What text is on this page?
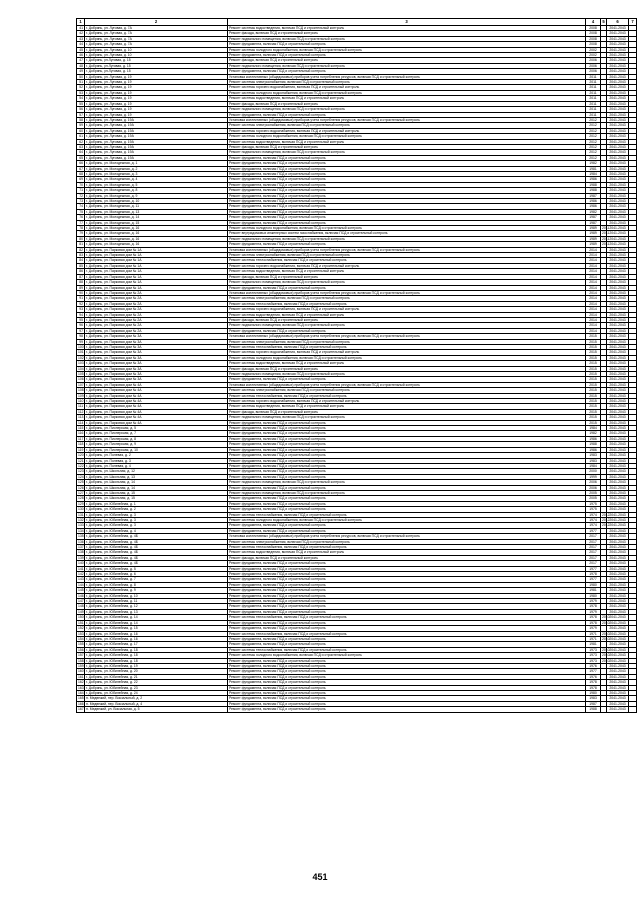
1	2	3	4	5	6	7
41	г. Добрянь, ул. Луговая, д. 7А	Ремонт системы водоотведения, включая ПСД и строительный контроль	2008		2041-2043	
42	г. Добрянь, ул. Луговая, д. 7А	Ремонт фасада, включая ПСД и строительный контроль	2008		2041-2043	
43	г. Добрянь, ул. Луговая, д. 7А	Ремонт подвального помещения, включая ПСД и строительный контроль	2008		2041-2043	
44	г. Добрянь, ул. Луговая, д. 7А	Ремонт фундамента, включая ПСД и строительный контроль	2008		2041-2043	
45	г. Добрянь, ул. Луговая, д. 10	Ремонт системы холодного водоснабжения, включая ПСД и строительный контроль	2002		2041-2043	
46	г. Добрянь, ул. Луговая, д. 10	Ремонт фундамента, включая ПСД и строительный контроль	2002		2041-2043	
47	г. Добрянь, ул.Луговая, д. 15	Ремонт фасада, включая ПСД и строительный контроль	2006		2041-2043	
48	г. Добрянь, ул.Луговая, д. 15	Ремонт подвального помещения, включая ПСД и строительный контроль	2006		2041-2043	
49	г. Добрянь, ул.Луговая, д. 15	Ремонт фундамента, включая ПСД и строительный контроль	2006		2041-2043	
50	г. Добрянь, ул. Луговая, д. 19	Установка коллективных (общедомовых) приборов учета потребления ресурсов, включая ПСД и строительный контроль	2011		2041-2043	
51	г. Добрянь, ул. Луговая, д. 19	Ремонт системы электроснабжения, включая ПСД и строительный контроль	2011		2041-2043	
52	г. Добрянь, ул. Луговая, д. 19	Ремонт системы горячего водоснабжения, включая ПСД и строительный контроль	2011		2041-2043	
53	г. Добрянь, ул. Луговая, д. 19	Ремонт системы холодного водоснабжения, включая ПСД и строительный контроль	2011		2041-2043	
54	г. Добрянь, ул. Луговая, д. 19	Ремонт системы водоотведения, включая ПСД и строительный контроль	2011		2041-2043	
55	г. Добрянь, ул. Луговая, д. 19	Ремонт фасада, включая ПСД и строительный контроль	2011		2041-2043	
56	г. Добрянь, ул. Луговая, д. 19	Ремонт подвального помещения, включая ПСД и строительный контроль	2011		2041-2043	
57	г. Добрянь, ул. Луговая, д. 19	Ремонт фундамента, включая ПСД и строительный контроль	2011		2041-2043	
58	г. Добрянь, ул. Луговая, д. 19А	Установка коллективных (общедомовых) приборов учета потребления ресурсов, включая ПСД и строительный контроль	2012		2041-2043	
59	г. Добрянь, ул. Луговая, д. 19А	Ремонт системы электроснабжения, включая ПСД и строительный контроль	2012		2041-2043	
60	г. Добрянь, ул. Луговая, д. 19А	Ремонт системы горячего водоснабжения, включая ПСД и строительный контроль	2012		2041-2043	
61	г. Добрянь, ул. Луговая, д. 19А	Ремонт системы холодного водоснабжения, включая ПСД и строительный контроль	2012		2041-2043	
62	г. Добрянь, ул. Луговая, д. 19А	Ремонт системы водоотведения, включая ПСД и строительный контроль	2012		2041-2043	
63	г. Добрянь, ул. Луговая, д. 19А	Ремонт фасада, включая ПСД и строительный контроль	2012		2041-2043	
64	г. Добрянь, ул. Луговая, д. 19А	Ремонт подвального помещения, включая ПСД и строительный контроль	2012		2041-2043	
65	г. Добрянь, ул. Луговая, д. 19А	Ремонт фундамента, включая ПСД и строительный контроль	2012		2041-2043	
66	г. Добрянь, ул. Молодежная, д. 1	Ремонт фундамента, включая ПСД и строительный контроль	1982		2041-2043	
67	г. Добрянь, ул. Молодежная, д. 2	Ремонт фундамента, включая ПСД и строительный контроль	1981		2041-2043	
68	г. Добрянь, ул. Молодежная, д. 3	Ремонт фундамента, включая ПСД и строительный контроль	1984		2041-2043	
69	г. Добрянь, ул. Молодежная, д. 4	Ремонт фундамента, включая ПСД и строительный контроль	1986		2041-2043	
70	г. Добрянь, ул. Молодежная, д. 5	Ремонт фундамента, включая ПСД и строительный контроль	1988		2041-2043	
71	г. Добрянь, ул. Молодежная, д. 8	Ремонт фундамента, включая ПСД и строительный контроль	1988		2041-2043	
72	г. Добрянь, ул. Молодежная, д. 9	Ремонт фундамента, включая ПСД и строительный контроль	1987		2041-2043	
73	г. Добрянь, ул. Молодежная, д. 10	Ремонт фундамента, включая ПСД и строительный контроль	1986		2041-2043	
74	г. Добрянь, ул. Молодежная, д. 11	Ремонт фундамента, включая ПСД и строительный контроль	1986		2041-2043	
75	г. Добрянь, ул. Молодежная, д. 13	Ремонт фундамента, включая ПСД и строительный контроль	1982		2041-2043	
76	г. Добрянь, ул. Молодежная, д. 14	Ремонт фундамента, включая ПСД и строительный контроль	1987		2041-2043	
77	г. Добрянь, ул. Молодежная, д. 15	Ремонт фундамента, включая ПСД и строительный контроль	1987		2041-2043	
78	г. Добрянь, ул. Молодежная, д. 16	Ремонт системы холодного водоснабжения, включая ПСД и строительный контроль	1989	2011	2041-2043	
79	г. Добрянь, ул. Молодежная, д. 16	Ремонт внутридомовых инженерных систем газоснабжения, включая ПСД и строительный контроль	1989	2011	2041-2043	
80	г. Добрянь, ул. Молодежная, д. 16	Ремонт подвального помещения, включая ПСД и строительный контроль	1989	2011	2041-2043	
81	г. Добрянь, ул. Молодежная, д. 16	Ремонт фундамента, включая ПСД и строительный контроль	1989	2011	2041-2043	
82	г. Добрянь, ул. Парковая дом № 1А	Установка коллективных (общедомовых) приборов учета потребления ресурсов, включая ПСД и строительный контроль	2014		2041-2043	
83	г. Добрянь, ул. Парковая дом № 1А	Ремонт системы электроснабжения, включая ПСД и строительный контроль	2014		2041-2043	
84	г. Добрянь, ул. Парковая дом № 1А	Ремонт системы теплоснабжения, включая ПСД и строительный контроль	2014		2041-2043	
85	г. Добрянь, ул. Парковая дом № 1А	Ремонт системы горячего водоснабжения, включая ПСД и строительный контроль	2014		2041-2043	
86	г. Добрянь, ул. Парковая дом № 1А	Ремонт системы водоотведения, включая ПСД и строительный контроль	2014		2041-2043	
87	г. Добрянь, ул. Парковая дом № 1А	Ремонт фасада, включая ПСД и строительный контроль	2014		2041-2043	
88	г. Добрянь, ул. Парковая дом № 1А	Ремонт подвального помещения, включая ПСД и строительный контроль	2014		2041-2043	
89	г. Добрянь, ул. Парковая дом № 1А	Ремонт фундамента, включая ПСД и строительный контроль	2014		2041-2043	
90	г. Добрянь, ул. Парковая дом № 2А	Установка коллективных (общедомовых) приборов учета потребления ресурсов, включая ПСД и строительный контроль	2014		2041-2043	
91	г. Добрянь, ул. Парковая дом № 2А	Ремонт системы электроснабжения, включая ПСД и строительный контроль	2014		2041-2043	
92	г. Добрянь, ул. Парковая дом № 2А	Ремонт системы теплоснабжения, включая ПСД и строительный контроль	2014		2041-2043	
93	г. Добрянь, ул. Парковая дом № 2А	Ремонт системы горячего водоснабжения, включая ПСД и строительный контроль	2014		2041-2043	
94	г. Добрянь, ул. Парковая дом № 2А	Ремонт системы водоотведения, включая ПСД и строительный контроль	2014		2041-2043	
95	г. Добрянь, ул. Парковая дом № 2А	Ремонт фасада, включая ПСД и строительный контроль	2014		2041-2043	
96	г. Добрянь, ул. Парковая дом № 2А	Ремонт подвального помещения, включая ПСД и строительный контроль	2014		2041-2043	
97	г. Добрянь, ул. Парковая дом № 2А	Ремонт фундамента, включая ПСД и строительный контроль	2014		2041-2043	
98	г. Добрянь, ул. Парковая дом № 3А	Установка коллективных (общедомовых) приборов учета потребления ресурсов, включая ПСД и строительный контроль	2015		2041-2043	
99	г. Добрянь, ул. Парковая дом № 3А	Ремонт системы электроснабжения, включая ПСД и строительный контроль	2015		2041-2043	
100	г. Добрянь, ул. Парковая дом № 3А	Ремонт системы теплоснабжения, включая ПСД и строительный контроль	2015		2041-2043	
101	г. Добрянь, ул. Парковая дом № 3А	Ремонт системы горячего водоснабжения, включая ПСД и строительный контроль	2015		2041-2043	
102	г. Добрянь, ул. Парковая дом № 3А	Ремонт системы холодного водоснабжения, включая ПСД и строительный контроль	2015		2041-2043	
103	г. Добрянь, ул. Парковая дом № 3А	Ремонт системы водоотведения, включая ПСД и строительный контроль	2015		2041-2043	
104	г. Добрянь, ул. Парковая дом № 3А	Ремонт фасада, включая ПСД и строительный контроль	2015		2041-2043	
105	г. Добрянь, ул. Парковая дом № 3А	Ремонт подвального помещения, включая ПСД и строительный контроль	2015		2041-2043	
106	г. Добрянь, ул. Парковая дом № 3А	Ремонт фундамента, включая ПСД и строительный контроль	2015		2041-2043	
107	г. Добрянь, ул. Парковая дом № 4А	Установка коллективных (общедомовых) приборов учета потребления ресурсов, включая ПСД и строительный контроль	2015		2041-2043	
108	г. Добрянь, ул. Парковая дом № 4А	Ремонт системы электроснабжения, включая ПСД и строительный контроль	2015		2041-2043	
109	г. Добрянь, ул. Парковая дом № 4А	Ремонт системы теплоснабжения, включая ПСД и строительный контроль	2015		2041-2043	
110	г. Добрянь, ул. Парковая дом № 4А	Ремонт системы горячего водоснабжения, включая ПСД и строительный контроль	2015		2041-2043	
111	г. Добрянь, ул. Парковая дом № 4А	Ремонт системы водоотведения, включая ПСД и строительный контроль	2015		2041-2043	
112	г. Добрянь, ул. Парковая дом № 4А	Ремонт фасада, включая ПСД и строительный контроль	2015		2041-2043	
113	г. Добрянь, ул. Парковая дом № 4А	Ремонт подвального помещения, включая ПСД и строительный контроль	2015		2041-2043	
114	г. Добрянь, ул. Парковая дом № 4А	Ремонт фундамента, включая ПСД и строительный контроль	2015		2041-2043	
115	г. Добрянь, ул. Пионерская, д. 5	Ремонт фундамента, включая ПСД и строительный контроль	1984		2041-2043	
116	г. Добрянь, ул. Пионерская, д. 7	Ремонт фундамента, включая ПСД и строительный контроль	1982		2041-2043	
117	г. Добрянь, ул. Пионерская, д. 8	Ремонт фундамента, включая ПСД и строительный контроль	1986		2041-2043	
118	г. Добрянь, ул. Пионерская, д. 9	Ремонт фундамента, включая ПСД и строительный контроль	1988		2041-2043	
119	г. Добрянь, ул. Пионерская, д. 10	Ремонт фундамента, включая ПСД и строительный контроль	1986		2041-2043	
120	г. Добрянь, ул. Полевая, д. 2	Ремонт фундамента, включая ПСД и строительный контроль	1983		2041-2043	
121	г. Добрянь, ул. Полевая, д. 3	Ремонт фундамента, включая ПСД и строительный контроль	1983		2041-2043	
122	г. Добрянь, ул. Полевая, д. 4	Ремонт фундамента, включая ПСД и строительный контроль	1984		2041-2043	
123	г. Добрянь, ул. Школьная, д. 12	Ремонт фундамента, включая ПСД и строительный контроль	2000		2041-2043	
124	г. Добрянь, ул. Школьная, д. 13	Ремонт фундамента, включая ПСД и строительный контроль	1999		2041-2043	
125	г. Добрянь, ул. Школьная, д. 14	Ремонт подвального помещения, включая ПСД и строительный контроль	2006		2041-2043	
126	г. Добрянь, ул. Школьная, д. 14	Ремонт фундамента, включая ПСД и строительный контроль	2006		2041-2043	
127	г. Добрянь, ул. Школьная, д. 15	Ремонт подвального помещения, включая ПСД и строительный контроль	2005		2041-2043	
128	г. Добрянь, ул. Школьная, д. 15	Ремонт фундамента, включая ПСД и строительный контроль	2005		2041-2043	
129	г. Добрянь, ул. Юбилейная, д. 1	Ремонт фундамента, включая ПСД и строительный контроль	1975		2041-2043	
130	г. Добрянь, ул. Юбилейная, д. 2	Ремонт фундамента, включая ПСД и строительный контроль	1975		2041-2043	
131	г. Добрянь, ул. Юбилейная, д. 3	Ремонт системы теплоснабжения, включая ПСД и строительный контроль	1974	2012	2041-2043	
132	г. Добрянь, ул. Юбилейная, д. 3	Ремонт системы холодного водоснабжения, включая ПСД и строительный контроль	1974	2012	2041-2043	
133	г. Добрянь, ул. Юбилейная, д. 3	Ремонт фундамента, включая ПСД и строительный контроль	1974	2012	2041-2043	
134	г. Добрянь, ул. Юбилейная, д. 4	Ремонт фундамента, включая ПСД и строительный контроль	1977		2041-2043	
135	г. Добрянь, ул. Юбилейная, д. 4Б	Установка коллективных (общедомовых) приборов учета потребления ресурсов, включая ПСД и строительный контроль	2017		2041-2043	
136	г. Добрянь, ул. Юбилейная, д. 4Б	Ремонт системы электроснабжения, включая ПСД и строительный контроль	2017		2041-2043	
137	г. Добрянь, ул. Юбилейная, д. 4Б	Ремонт системы теплоснабжения, включая ПСД и строительный контроль	2017		2041-2043	
138	г. Добрянь, ул. Юбилейная, д. 4Б	Ремонт системы водоотведения, включая ПСД и строительный контроль	2017		2041-2043	
139	г. Добрянь, ул. Юбилейная, д. 4Б	Ремонт фасада, включая ПСД и строительный контроль	2017		2041-2043	
140	г. Добрянь, ул. Юбилейная, д. 4Б	Ремонт фундамента, включая ПСД и строительный контроль	2017		2041-2043	
141	г. Добрянь, ул. Юбилейная, д. 5	Ремонт фундамента, включая ПСД и строительный контроль	1977		2041-2043	
142	г. Добрянь, ул. Юбилейная, д. 6	Ремонт фундамента, включая ПСД и строительный контроль	1978		2041-2043	
143	г. Добрянь, ул. Юбилейная, д. 7	Ремонт фундамента, включая ПСД и строительный контроль	1977		2041-2043	
144	г. Добрянь, ул. Юбилейная, д. 8	Ремонт фундамента, включая ПСД и строительный контроль	1980		2041-2043	
145	г. Добрянь, ул. Юбилейная, д. 9	Ремонт фундамента, включая ПСД и строительный контроль	1981		2041-2043	
146	г. Добрянь, ул. Юбилейная, д. 10	Ремонт фундамента, включая ПСД и строительный контроль	1980		2041-2043	
147	г. Добрянь, ул. Юбилейная, д. 11	Ремонт фундамента, включая ПСД и строительный контроль	1979		2041-2043	
148	г. Добрянь, ул. Юбилейная, д. 12	Ремонт фундамента, включая ПСД и строительный контроль	1978		2041-2043	
149	г. Добрянь, ул. Юбилейная, д. 13	Ремонт фундамента, включая ПСД и строительный контроль	1979		2041-2043	
150	г. Добрянь, ул. Юбилейная, д. 14	Ремонт системы теплоснабжения, включая ПСД и строительный контроль	1978	2010	2041-2043	
151	г. Добрянь, ул. Юбилейная, д. 14	Ремонт фундамента, включая ПСД и строительный контроль	1978	2010	2041-2043	
152	г. Добрянь, ул. Юбилейная, д. 15	Ремонт фундамента, включая ПСД и строительный контроль	1979		2041-2043	
153	г. Добрянь, ул. Юбилейная, д. 16	Ремонт системы теплоснабжения, включая ПСД и строительный контроль	1971	2010	2041-2043	
154	г. Добрянь, ул. Юбилейная, д. 16	Ремонт фундамента, включая ПСД и строительный контроль	1971	2010	2041-2043	
155	г. Добрянь, ул. Юбилейная, д. 17	Ремонт фундамента, включая ПСД и строительный контроль	1981		2041-2043	
156	г. Добрянь, ул. Юбилейная, д. 18	Ремонт системы теплоснабжения, включая ПСД и строительный контроль	1973	2010	2041-2043	
157	г. Добрянь, ул. Юбилейная, д. 18	Ремонт системы холодного водоснабжения, включая ПСД и строительный контроль	1973	2010	2041-2043	
158	г. Добрянь, ул. Юбилейная, д. 18	Ремонт фундамента, включая ПСД и строительный контроль	1973	2010	2041-2043	
159	г. Добрянь, ул. Юбилейная, д. 19	Ремонт фундамента, включая ПСД и строительный контроль	1976		2041-2043	
160	г. Добрянь, ул. Юбилейная, д. 20	Ремонт фундамента, включая ПСД и строительный контроль	1977		2041-2043	
161	г. Добрянь, ул. Юбилейная, д. 21	Ремонт фундамента, включая ПСД и строительный контроль	1976		2041-2043	
162	г. Добрянь, ул. Юбилейная, д. 22	Ремонт фундамента, включая ПСД и строительный контроль	1978		2041-2043	
163	г. Добрянь, ул. Юбилейная, д. 23	Ремонт фундамента, включая ПСД и строительный контроль	1978		2041-2043	
164	г. Добрянь, ул. Юбилейная, д. 24	Ремонт фундамента, включая ПСД и строительный контроль	1980		2041-2043	
165	п. Медвежий, пер. Вокзальный, д. 2	Ремонт фундамента, включая ПСД и строительный контроль	1983		2041-2043	
166	п. Медвежий, пер. Вокзальный, д. 4	Ремонт фундамента, включая ПСД и строительный контроль	1987		2041-2043	
167	п. Медвежий, ул. Вокзальная, д. 5	Ремонт фундамента, включая ПСД и строительный контроль	1988		2041-2043	
451
